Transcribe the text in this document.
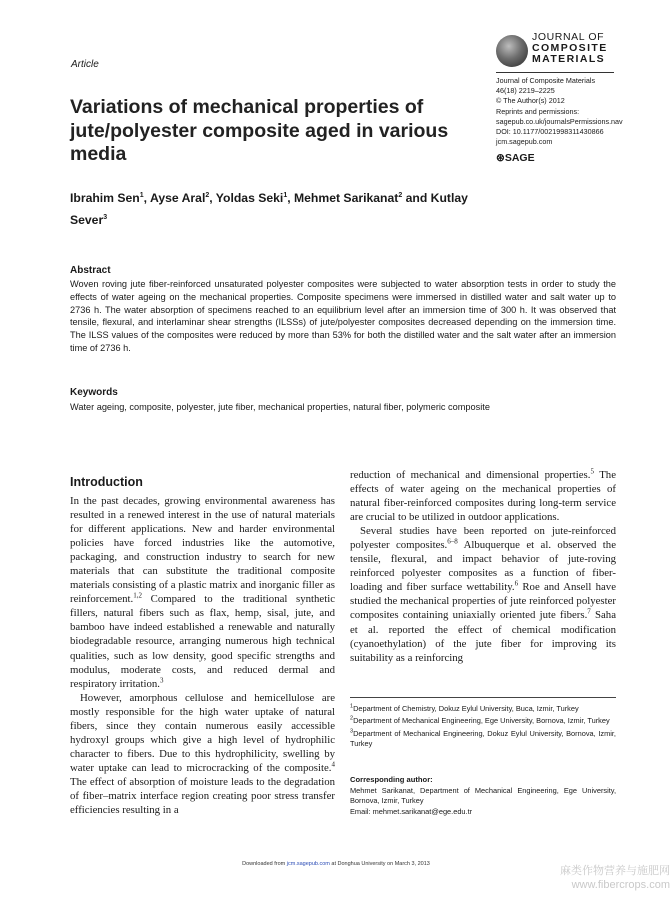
Article
JOURNAL OF
COMPOSITE
MATERIALS
Journal of Composite Materials
46(18) 2219–2225
© The Author(s) 2012
Reprints and permissions:
sagepub.co.uk/journalsPermissions.nav
DOI: 10.1177/0021998311430866
jcm.sagepub.com
⊛SAGE
Variations of mechanical properties of jute/polyester composite aged in various media
Ibrahim Sen$^1$, Ayse Aral$^2$, Yoldas Seki$^1$, Mehmet Sarikanat$^2$ and Kutlay Sever$^3$
Abstract
Woven roving jute fiber-reinforced unsaturated polyester composites were subjected to water absorption tests in order to study the effects of water ageing on the mechanical properties. Composite specimens were immersed in distilled water and salt water up to 2736 h. The water absorption of specimens reached to an equilibrium level after an immersion time of 300 h. It was observed that tensile, flexural, and interlaminar shear strengths (ILSSs) of jute/polyester composites decreased depending on the immersion time. The ILSS values of the composites were reduced by more than 53% for both the distilled water and the salt water after an immersion time of 2736 h.
Keywords
Water ageing, composite, polyester, jute fiber, mechanical properties, natural fiber, polymeric composite
Introduction

In the past decades, growing environmental awareness has resulted in a renewed interest in the use of natural materials for different applications. New and harder environmental policies have forced industries like the automotive, packaging, and construction industry to search for new materials that can substitute the traditional composite materials consisting of a plastic matrix and inorganic filler as reinforcement.$^{1,2}$ Compared to the traditional synthetic fillers, natural fibers such as flax, hemp, sisal, jute, and bamboo have indeed established a renewable and naturally biodegradable resource, arranging numerous high technical qualities, such as low density, good specific strengths and modulus, moderate costs, and reduced dermal and respiratory irritation.$^3$

However, amorphous cellulose and hemicellulose are mostly responsible for the high water uptake of natural fibers, since they contain numerous easily accessible hydroxyl groups which give a high level of hydrophilic character to fibers. Due to this hydrophilicity, swelling by water uptake can lead to microcracking of the composite.$^4$ The effect of absorption of moisture leads to the degradation of fiber–matrix interface region creating poor stress transfer efficiencies resulting in a

reduction of mechanical and dimensional properties.$^5$ The effects of water ageing on the mechanical properties of natural fiber-reinforced composites during long-term service are crucial to be utilized in outdoor applications.

Several studies have been reported on jute-reinforced polyester composites.$^{6-8}$ Albuquerque et al. observed the tensile, flexural, and impact behavior of jute-roving reinforced polyester composites as a function of fiber-loading and fiber surface wettability.$^6$ Roe and Ansell have studied the mechanical properties of jute reinforced polyester composites containing uniaxially oriented jute fibers.$^7$ Saha et al. reported the effect of chemical modification (cyanoethylation) of the jute fiber for improving its suitability as a reinforcing

$^1$Department of Chemistry, Dokuz Eylul University, Buca, Izmir, Turkey
$^2$Department of Mechanical Engineering, Ege University, Bornova, Izmir, Turkey
$^3$Department of Mechanical Engineering, Dokuz Eylul University, Bornova, Izmir, Turkey
Corresponding author:
Mehmet Sarikanat, Department of Mechanical Engineering, Ege University, Bornova, Izmir, Turkey
Email: mehmet.sarikanat@ege.edu.tr
Downloaded from jcm.sagepub.com at Donghua University on March 3, 2013
麻类作物营养与施肥网
www.fibercrops.com
